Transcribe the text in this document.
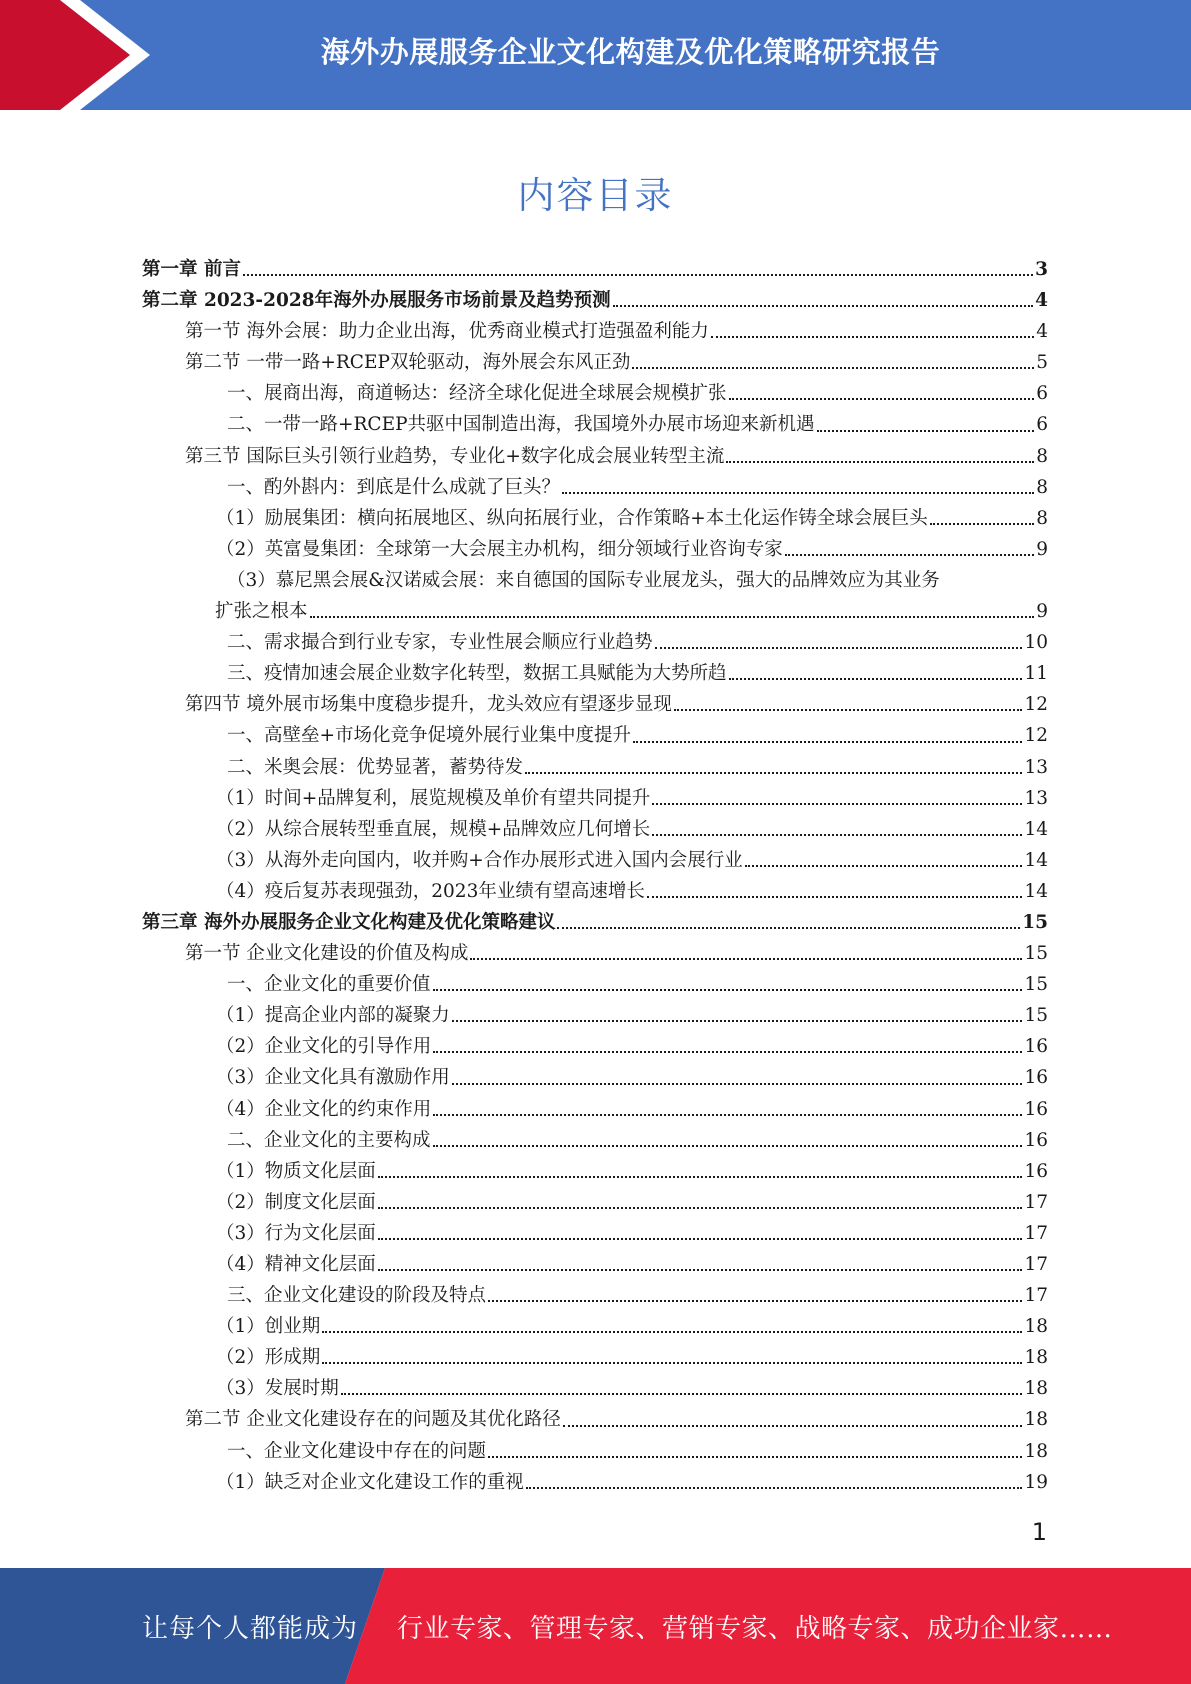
海外办展服务企业文化构建及优化策略研究报告
内容目录
第一章 前言	3
第二章 2023-2028年海外办展服务市场前景及趋势预测	4
第一节 海外会展：助力企业出海，优秀商业模式打造强盈利能力	4
第二节 一带一路+RCEP双轮驱动，海外展会东风正劲	5
一、展商出海，商道畅达：经济全球化促进全球展会规模扩张	6
二、一带一路+RCEP共驱中国制造出海，我国境外办展市场迎来新机遇	6
第三节 国际巨头引领行业趋势，专业化+数字化成会展业转型主流	8
一、酌外斟内：到底是什么成就了巨头？	8
（1）励展集团：横向拓展地区、纵向拓展行业，合作策略+本土化运作铸全球会展巨头	8
（2）英富曼集团：全球第一大会展主办机构，细分领域行业咨询专家	9
（3）慕尼黑会展&汉诺威会展：来自德国的国际专业展龙头，强大的品牌效应为其业务
扩张之根本	9
二、需求撮合到行业专家，专业性展会顺应行业趋势	10
三、疫情加速会展企业数字化转型，数据工具赋能为大势所趋	11
第四节 境外展市场集中度稳步提升，龙头效应有望逐步显现	12
一、高壁垒+市场化竞争促境外展行业集中度提升	12
二、米奥会展：优势显著，蓄势待发	13
（1）时间+品牌复利，展览规模及单价有望共同提升	13
（2）从综合展转型垂直展，规模+品牌效应几何增长	14
（3）从海外走向国内，收并购+合作办展形式进入国内会展行业	14
（4）疫后复苏表现强劲，2023年业绩有望高速增长	14
第三章 海外办展服务企业文化构建及优化策略建议	15
第一节 企业文化建设的价值及构成	15
一、企业文化的重要价值	15
（1）提高企业内部的凝聚力	15
（2）企业文化的引导作用	16
（3）企业文化具有激励作用	16
（4）企业文化的约束作用	16
二、企业文化的主要构成	16
（1）物质文化层面	16
（2）制度文化层面	17
（3）行为文化层面	17
（4）精神文化层面	17
三、企业文化建设的阶段及特点	17
（1）创业期	18
（2）形成期	18
（3）发展时期	18
第二节 企业文化建设存在的问题及其优化路径	18
一、企业文化建设中存在的问题	18
（1）缺乏对企业文化建设工作的重视	19
1
让每个人都能成为 行业专家、管理专家、营销专家、战略专家、成功企业家……
